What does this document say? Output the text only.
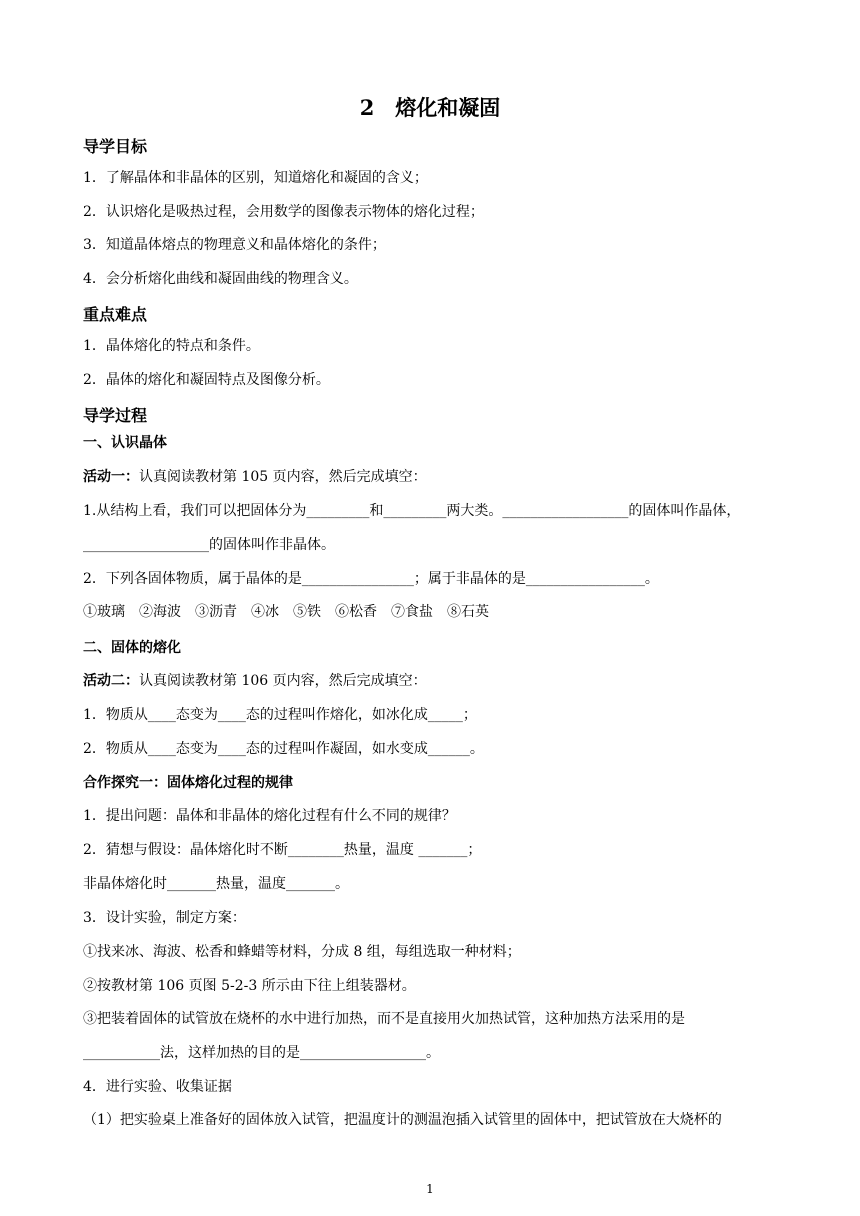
2　熔化和凝固
导学目标
1．了解晶体和非晶体的区别，知道熔化和凝固的含义；
2．认识熔化是吸热过程，会用数学的图像表示物体的熔化过程；
3．知道晶体熔点的物理意义和晶体熔化的条件；
4．会分析熔化曲线和凝固曲线的物理含义。
重点难点
1．晶体熔化的特点和条件。
2．晶体的熔化和凝固特点及图像分析。
导学过程
一、认识晶体
活动一：认真阅读教材第 105 页内容，然后完成填空：
1.从结构上看，我们可以把固体分为_________和_________两大类。__________________的固体叫作晶体，
__________________的固体叫作非晶体。
2．下列各固体物质，属于晶体的是________________；属于非晶体的是_________________。
①玻璃　②海波　③沥青　④冰　⑤铁　⑥松香　⑦食盐　⑧石英
二、固体的熔化
活动二：认真阅读教材第 106 页内容，然后完成填空：
1．物质从____态变为____态的过程叫作熔化，如冰化成_____；
2．物质从____态变为____态的过程叫作凝固，如水变成______。
合作探究一：固体熔化过程的规律
1．提出问题：晶体和非晶体的熔化过程有什么不同的规律？
2．猜想与假设：晶体熔化时不断________热量，温度 _______；
非晶体熔化时_______热量，温度_______。
3．设计实验，制定方案：
①找来冰、海波、松香和蜂蜡等材料，分成 8 组，每组选取一种材料；
②按教材第 106 页图 5-2-3 所示由下往上组装器材。
③把装着固体的试管放在烧杯的水中进行加热，而不是直接用火加热试管，这种加热方法采用的是
___________法，这样加热的目的是__________________。
4．进行实验、收集证据
（1）把实验桌上准备好的固体放入试管，把温度计的测温泡插入试管里的固体中，把试管放在大烧杯的
1
